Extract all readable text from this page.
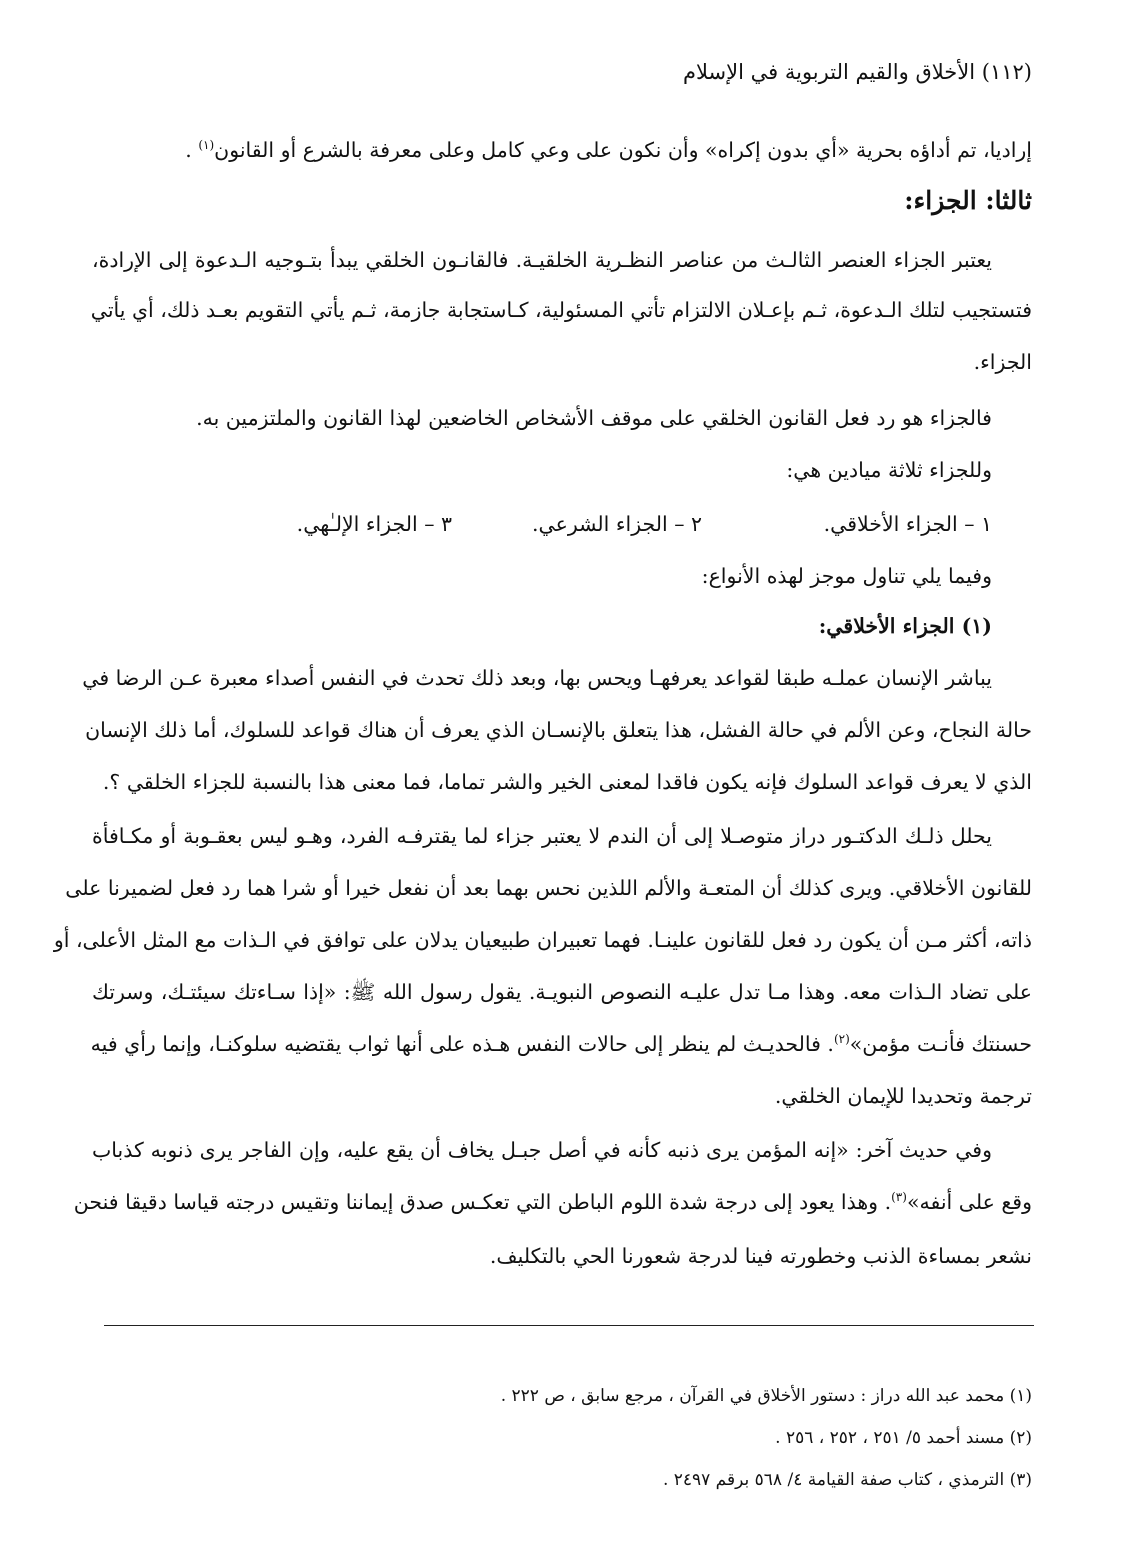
(١١٢) الأخلاق والقيم التربوية في الإسلام
إراديا، تم أداؤه بحرية «أي بدون إكراه» وأن نكون على وعي كامل وعلى معرفة بالشرع أو القانون$^{(١)}$ .
ثالثا: الجزاء:
يعتبر الجزاء العنصر الثالـث من عناصر النظـرية الخلقيـة. فالقانـون الخلقي يبدأ بتـوجيه الـدعوة إلى الإرادة،
فتستجيب لتلك الـدعوة، ثـم بإعـلان الالتزام تأتي المسئولية، كـاستجابة جازمة، ثـم يأتي التقويم بعـد ذلك، أي يأتي
الجزاء.
فالجزاء هو رد فعل القانون الخلقي على موقف الأشخاص الخاضعين لهذا القانون والملتزمين به.
وللجزاء ثلاثة ميادين هي:
١ – الجزاء الأخلاقي.
٢ – الجزاء الشرعي.
٣ – الجزاء الإلـٰهي.
وفيما يلي تناول موجز لهذه الأنواع:
(١) الجزاء الأخلاقي:
يباشر الإنسان عملـه طبقا لقواعد يعرفهـا ويحس بها، وبعد ذلك تحدث في النفس أصداء معبرة عـن الرضا في
حالة النجاح، وعن الألم في حالة الفشل، هذا يتعلق بالإنسـان الذي يعرف أن هناك قواعد للسلوك، أما ذلك الإنسان
الذي لا يعرف قواعد السلوك فإنه يكون فاقدا لمعنى الخير والشر تماما، فما معنى هذا بالنسبة للجزاء الخلقي ؟.
يحلل ذلـك الدكتـور دراز متوصـلا إلى أن الندم لا يعتبر جزاء لما يقترفـه الفرد، وهـو ليس بعقـوبة أو مكـافأة
للقانون الأخلاقي. ويرى كذلك أن المتعـة والألم اللذين نحس بهما بعد أن نفعل خيرا أو شرا هما رد فعل لضميرنا على
ذاته، أكثر مـن أن يكون رد فعل للقانون علينـا. فهما تعبيران طبيعيان يدلان على توافق في الـذات مع المثل الأعلى، أو
على تضاد الـذات معه. وهذا مـا تدل عليـه النصوص النبويـة. يقول رسول الله ﷺ: «إذا سـاءتك سيئتـك، وسرتك
حسنتك فأنـت مؤمن»$^{(٢)}$. فالحديـث لم ينظر إلى حالات النفس هـذه على أنها ثواب يقتضيه سلوكنـا، وإنما رأي فيه
ترجمة وتحديدا للإيمان الخلقي.
وفي حديث آخر: «إنه المؤمن يرى ذنبه كأنه في أصل جبـل يخاف أن يقع عليه، وإن الفاجر يرى ذنوبه كذباب
وقع على أنفه»$^{(٣)}$. وهذا يعود إلى درجة شدة اللوم الباطن التي تعكـس صدق إيماننا وتقيس درجته قياسا دقيقا فنحن
نشعر بمساءة الذنب وخطورته فينا لدرجة شعورنا الحي بالتكليف.
(١) محمد عبد الله دراز : دستور الأخلاق في القرآن ، مرجع سابق ، ص ٢٢٢ .
(٢) مسند أحمد ٥/ ٢٥١ ، ٢٥٢ ، ٢٥٦ .
(٣) الترمذي ، كتاب صفة القيامة ٤/ ٥٦٨ برقم ٢٤٩٧ .
